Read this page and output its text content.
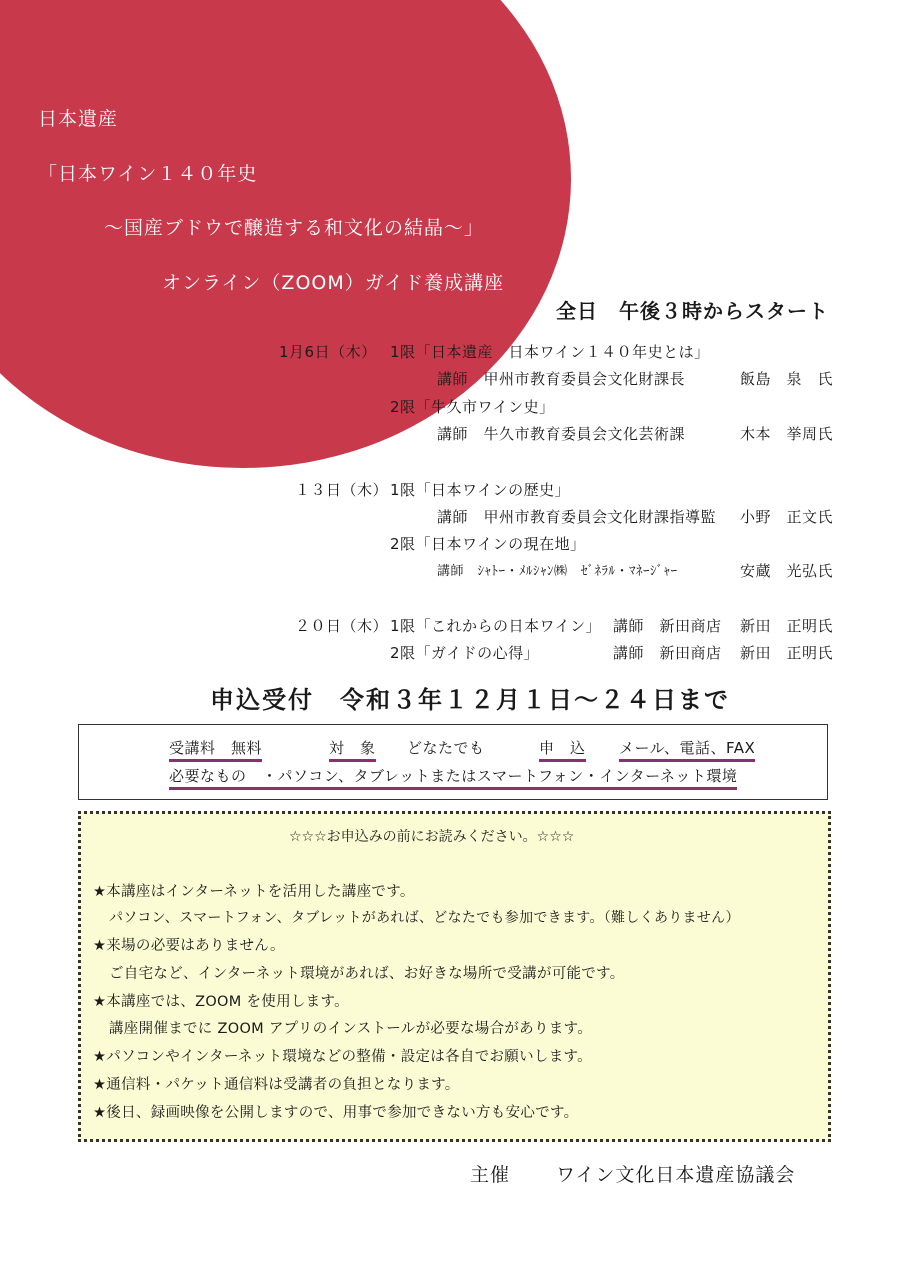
日本遺産
「日本ワイン１４０年史
～国産ブドウで醸造する和文化の結晶～」
オンライン（ZOOM）ガイド養成講座
全日　午後３時からスタート
1月6日（木） 1限「日本遺産　日本ワイン１４０年史とは」
講師　甲州市教育委員会文化財課長	飯島　泉　氏
2限「牛久市ワイン史」
講師　牛久市教育委員会文化芸術課	木本　挙周氏
１３日（木） 1限「日本ワインの歴史」
講師　甲州市教育委員会文化財課指導監 小野　正文氏
2限「日本ワインの現在地」
講師　ｼｬﾄｰ・ﾒﾙｼｬﾝ㈱　ｾﾞﾈﾗﾙ・ﾏﾈｰｼﾞｬｰ	安蔵　光弘氏
２０日（木） 1限「これからの日本ワイン」 講師　新田商店 新田　正明氏
2限「ガイドの心得」	講師　新田商店 新田　正明氏
申込受付　令和３年１２月１日～２４日まで
受講料　無料	対　象 どなたでも	申　込 メール、電話、FAX
必要なもの　・パソコン、タブレットまたはスマートフォン・インターネット環境
☆☆☆お申込みの前にお読みください。☆☆☆
★本講座はインターネットを活用した講座です。
パソコン、スマートフォン、タブレットがあれば、どなたでも参加できます。（難しくありません）
★来場の必要はありません。
ご自宅など、インターネット環境があれば、お好きな場所で受講が可能です。
★本講座では、ZOOM を使用します。
講座開催までに ZOOM アプリのインストールが必要な場合があります。
★パソコンやインターネット環境などの整備・設定は各自でお願いします。
★通信料・パケット通信料は受講者の負担となります。
★後日、録画映像を公開しますので、用事で参加できない方も安心です。
主催 ワイン文化日本遺産協議会
